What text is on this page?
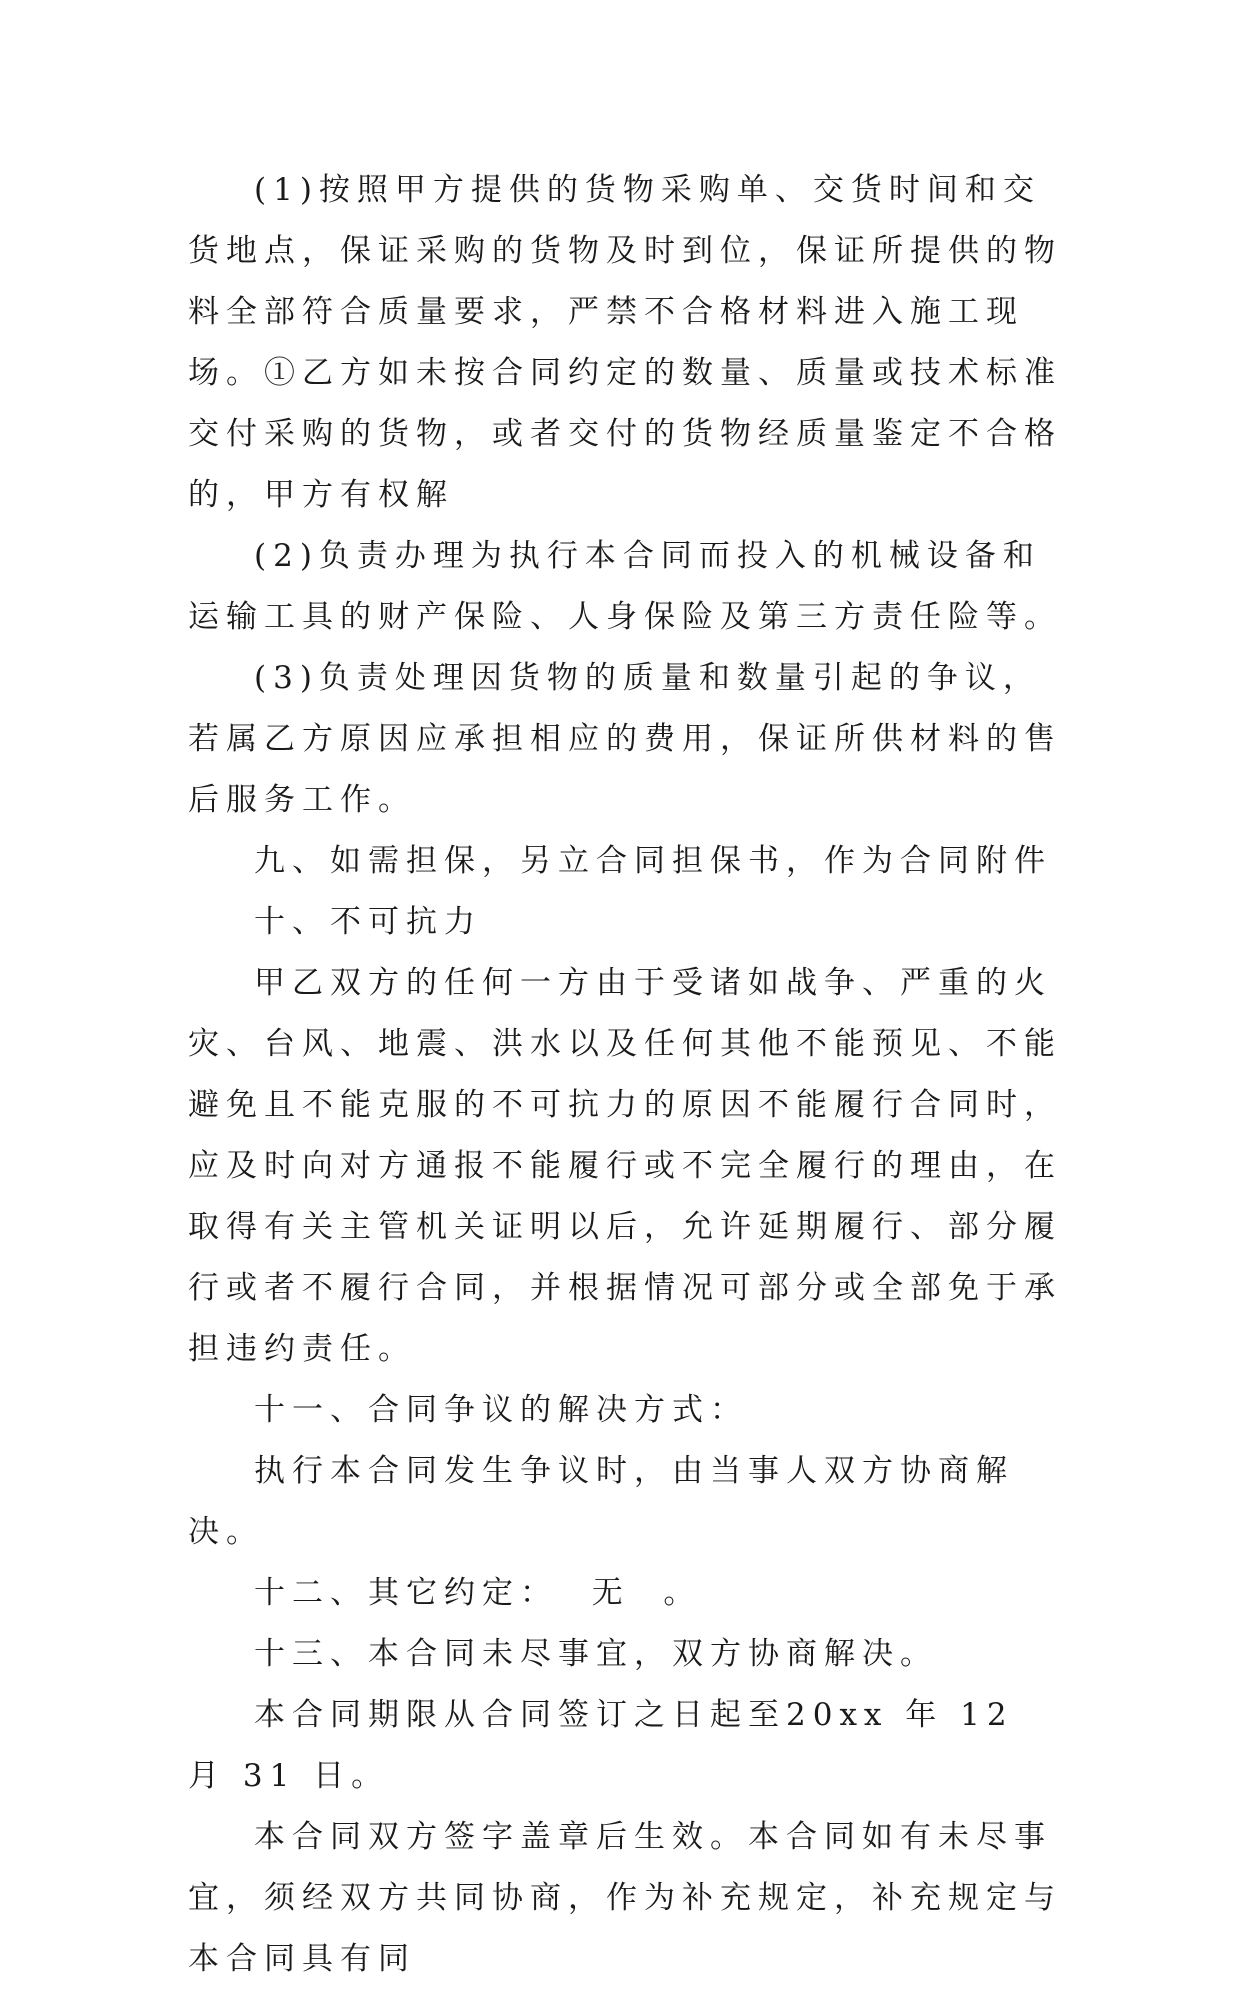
(1)按照甲方提供的货物采购单、交货时间和交货地点，保证采购的货物及时到位，保证所提供的物料全部符合质量要求，严禁不合格材料进入施工现场。①乙方如未按合同约定的数量、质量或技术标准交付采购的货物，或者交付的货物经质量鉴定不合格的，甲方有权解

(2)负责办理为执行本合同而投入的机械设备和运输工具的财产保险、人身保险及第三方责任险等。

(3)负责处理因货物的质量和数量引起的争议，若属乙方原因应承担相应的费用，保证所供材料的售后服务工作。

九、如需担保，另立合同担保书，作为合同附件

十、不可抗力

甲乙双方的任何一方由于受诸如战争、严重的火灾、台风、地震、洪水以及任何其他不能预见、不能避免且不能克服的不可抗力的原因不能履行合同时，应及时向对方通报不能履行或不完全履行的理由，在取得有关主管机关证明以后，允许延期履行、部分履行或者不履行合同，并根据情况可部分或全部免于承担违约责任。

十一、合同争议的解决方式：

执行本合同发生争议时，由当事人双方协商解决。

十二、其它约定：  无  。

十三、本合同未尽事宜，双方协商解决。

本合同期限从合同签订之日起至20xx 年 12 月 31 日。

本合同双方签字盖章后生效。本合同如有未尽事宜，须经双方共同协商，作为补充规定，补充规定与本合同具有同
